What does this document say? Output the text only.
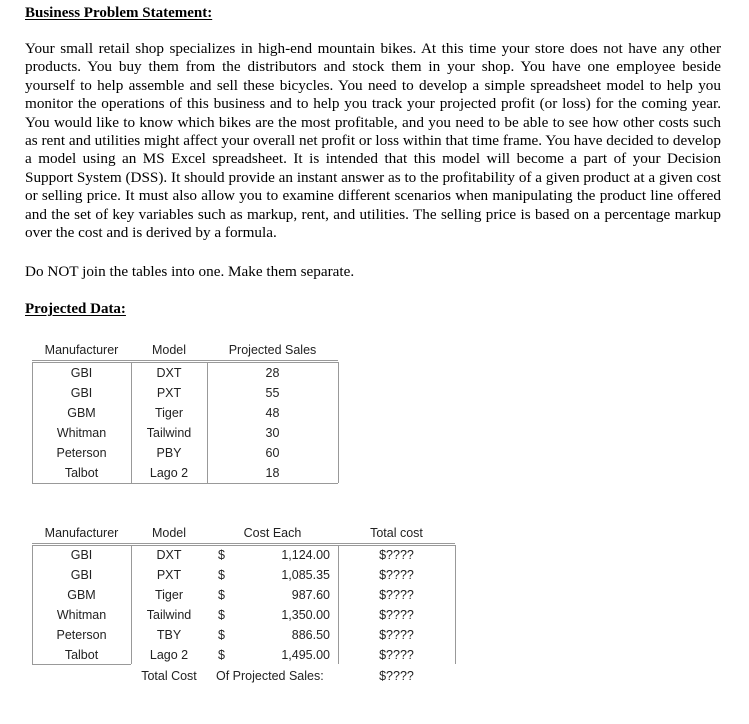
Business Problem Statement:

Your small retail shop specializes in high-end mountain bikes. At this time your store does not have any other products. You buy them from the distributors and stock them in your shop. You have one employee beside yourself to help assemble and sell these bicycles. You need to develop a simple spreadsheet model to help you monitor the operations of this business and to help you track your projected profit (or loss) for the coming year. You would like to know which bikes are the most profitable, and you need to be able to see how other costs such as rent and utilities might affect your overall net profit or loss within that time frame. You have decided to develop a model using an MS Excel spreadsheet. It is intended that this model will become a part of your Decision Support System (DSS). It should provide an instant answer as to the profitability of a given product at a given cost or selling price. It must also allow you to examine different scenarios when manipulating the product line offered and the set of key variables such as markup, rent, and utilities. The selling price is based on a percentage markup over the cost and is derived by a formula.

Do NOT join the tables into one. Make them separate.

Projected Data:
Manufacturer	Model	Projected Sales
GBI	DXT	28
GBI	PXT	55
GBM	Tiger	48
Whitman	Tailwind	30
Peterson	PBY	60
Talbot	Lago 2	18
Manufacturer	Model	Cost Each	Total cost
GBI	DXT	$	1,124.00	$????
GBI	PXT	$	1,085.35	$????
GBM	Tiger	$	987.60	$????
Whitman	Tailwind	$	1,350.00	$????
Peterson	TBY	$	886.50	$????
Talbot	Lago 2	$	1,495.00	$????
Total Cost	Of Projected Sales:	$????
